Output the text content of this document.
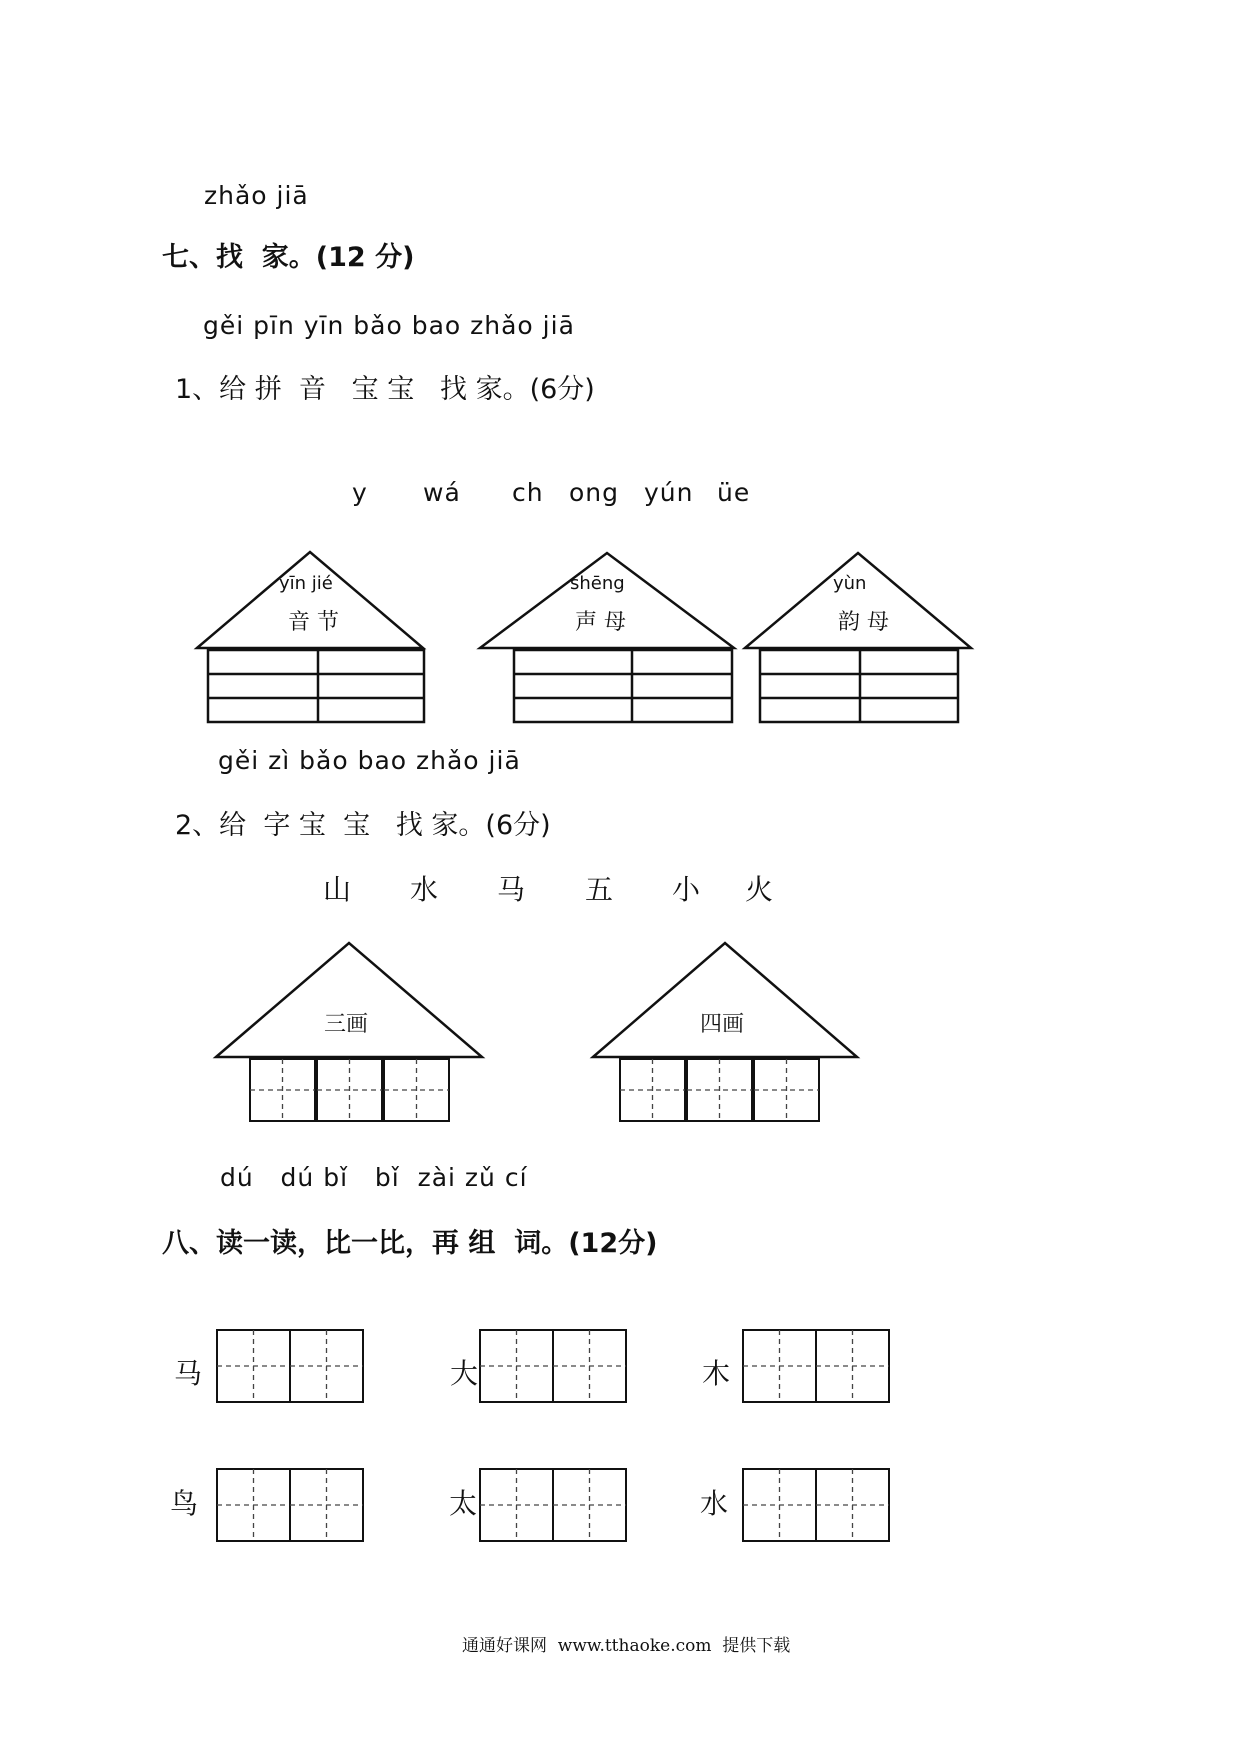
zhǎo jiā
七、找  家。(12 分)
gěi pīn yīn bǎo bao zhǎo jiā
1、给 拼  音   宝 宝   找 家。(6分)
y wá ch ong yún üe
yīn jié
音 节
shēng
声 母
yùn
韵 母
gěi zì bǎo bao zhǎo jiā
2、给  字 宝  宝   找 家。(6分)
山 水 马 五 小 火
三画	四画
dú   dú bǐ   bǐ  zài zǔ cí
八、读一读，比一比，再 组  词。(12分)
马	大	木
鸟	太	水
通通好课网  www.tthaoke.com  提供下载
